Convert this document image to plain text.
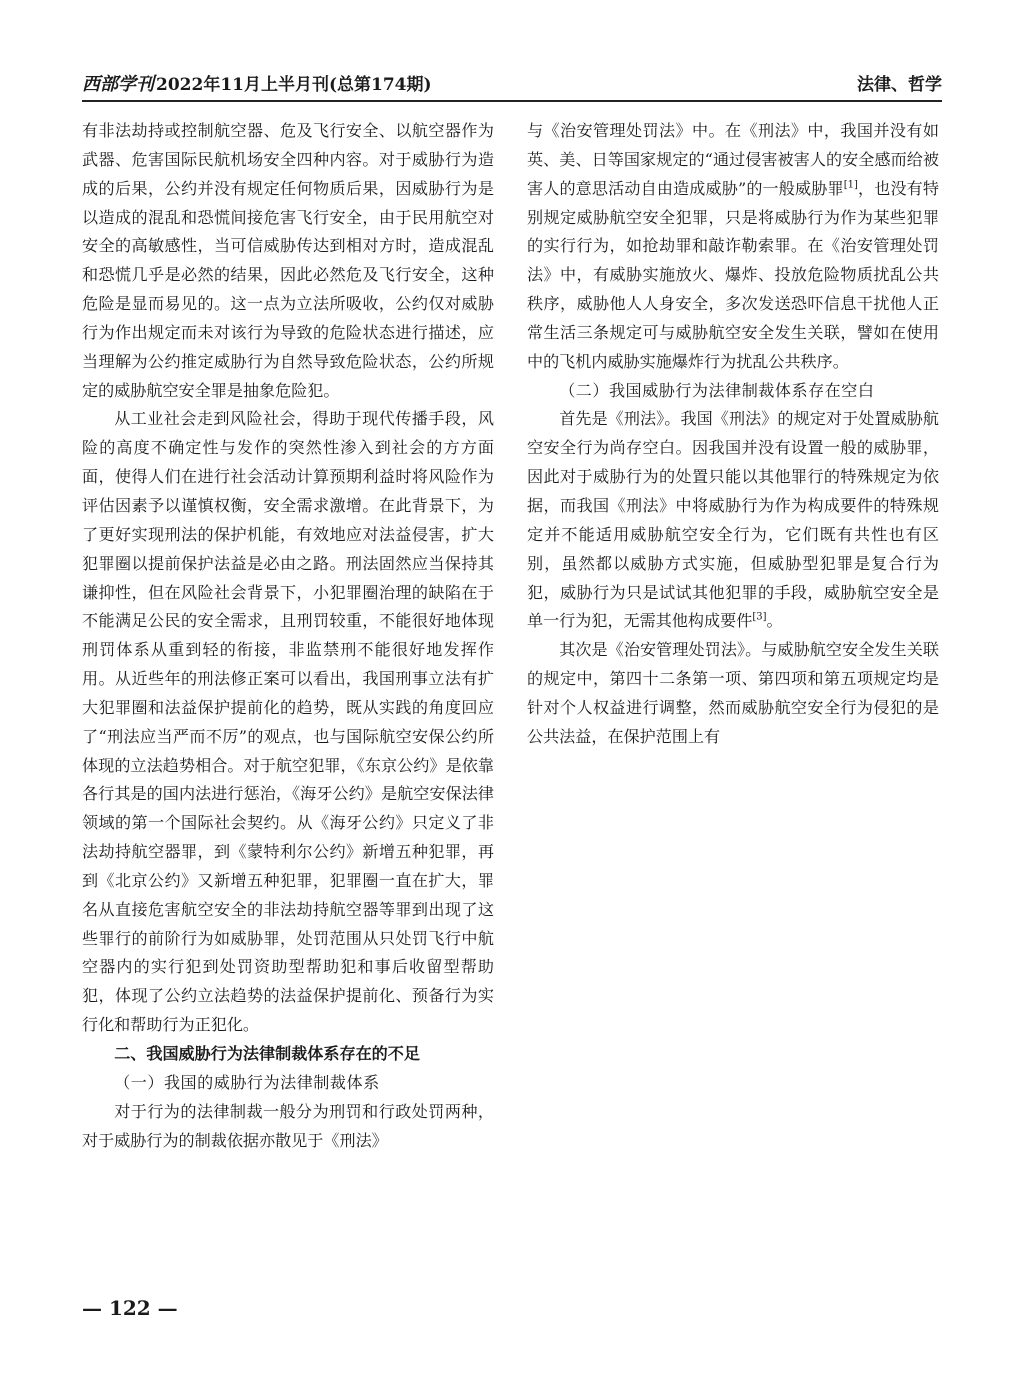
西部学刊 2022年11月上半月刊(总第174期)	法律、哲学

有非法劫持或控制航空器、危及飞行安全、以航空器作为武器、危害国际民航机场安全四种内容。对于威胁行为造成的后果，公约并没有规定任何物质后果，因威胁行为是以造成的混乱和恐慌间接危害飞行安全，由于民用航空对安全的高敏感性，当可信威胁传达到相对方时，造成混乱和恐慌几乎是必然的结果，因此必然危及飞行安全，这种危险是显而易见的。这一点为立法所吸收，公约仅对威胁行为作出规定而未对该行为导致的危险状态进行描述，应当理解为公约推定威胁行为自然导致危险状态，公约所规定的威胁航空安全罪是抽象危险犯。

从工业社会走到风险社会，得助于现代传播手段，风险的高度不确定性与发作的突然性渗入到社会的方方面面，使得人们在进行社会活动计算预期利益时将风险作为评估因素予以谨慎权衡，安全需求激增。在此背景下，为了更好实现刑法的保护机能，有效地应对法益侵害，扩大犯罪圈以提前保护法益是必由之路。刑法固然应当保持其谦抑性，但在风险社会背景下，小犯罪圈治理的缺陷在于不能满足公民的安全需求，且刑罚较重，不能很好地体现刑罚体系从重到轻的衔接，非监禁刑不能很好地发挥作用。从近些年的刑法修正案可以看出，我国刑事立法有扩大犯罪圈和法益保护提前化的趋势，既从实践的角度回应了“刑法应当严而不厉”的观点，也与国际航空安保公约所体现的立法趋势相合。对于航空犯罪，《东京公约》是依靠各行其是的国内法进行惩治，《海牙公约》是航空安保法律领域的第一个国际社会契约。从《海牙公约》只定义了非法劫持航空器罪，到《蒙特利尔公约》新增五种犯罪，再到《北京公约》又新增五种犯罪，犯罪圈一直在扩大，罪名从直接危害航空安全的非法劫持航空器等罪到出现了这些罪行的前阶行为如威胁罪，处罚范围从只处罚飞行中航空器内的实行犯到处罚资助型帮助犯和事后收留型帮助犯，体现了公约立法趋势的法益保护提前化、预备行为实行化和帮助行为正犯化。

二、我国威胁行为法律制裁体系存在的不足
（一）我国的威胁行为法律制裁体系

对于行为的法律制裁一般分为刑罚和行政处罚两种，对于威胁行为的制裁依据亦散见于《刑法》

与《治安管理处罚法》中。在《刑法》中，我国并没有如英、美、日等国家规定的“通过侵害被害人的安全感而给被害人的意思活动自由造成威胁”的一般威胁罪[1]，也没有特别规定威胁航空安全犯罪，只是将威胁行为作为某些犯罪的实行行为，如抢劫罪和敲诈勒索罪。在《治安管理处罚法》中，有威胁实施放火、爆炸、投放危险物质扰乱公共秩序，威胁他人人身安全，多次发送恐吓信息干扰他人正常生活三条规定可与威胁航空安全发生关联，譬如在使用中的飞机内威胁实施爆炸行为扰乱公共秩序。

（二）我国威胁行为法律制裁体系存在空白

首先是《刑法》。我国《刑法》的规定对于处置威胁航空安全行为尚存空白。因我国并没有设置一般的威胁罪，因此对于威胁行为的处置只能以其他罪行的特殊规定为依据，而我国《刑法》中将威胁行为作为构成要件的特殊规定并不能适用威胁航空安全行为，它们既有共性也有区别，虽然都以威胁方式实施，但威胁型犯罪是复合行为犯，威胁行为只是试试其他犯罪的手段，威胁航空安全是单一行为犯，无需其他构成要件[3]。

其次是《治安管理处罚法》。与威胁航空安全发生关联的规定中，第四十二条第一项、第四项和第五项规定均是针对个人权益进行调整，然而威胁航空安全行为侵犯的是公共法益，在保护范围上有

— 122 —
